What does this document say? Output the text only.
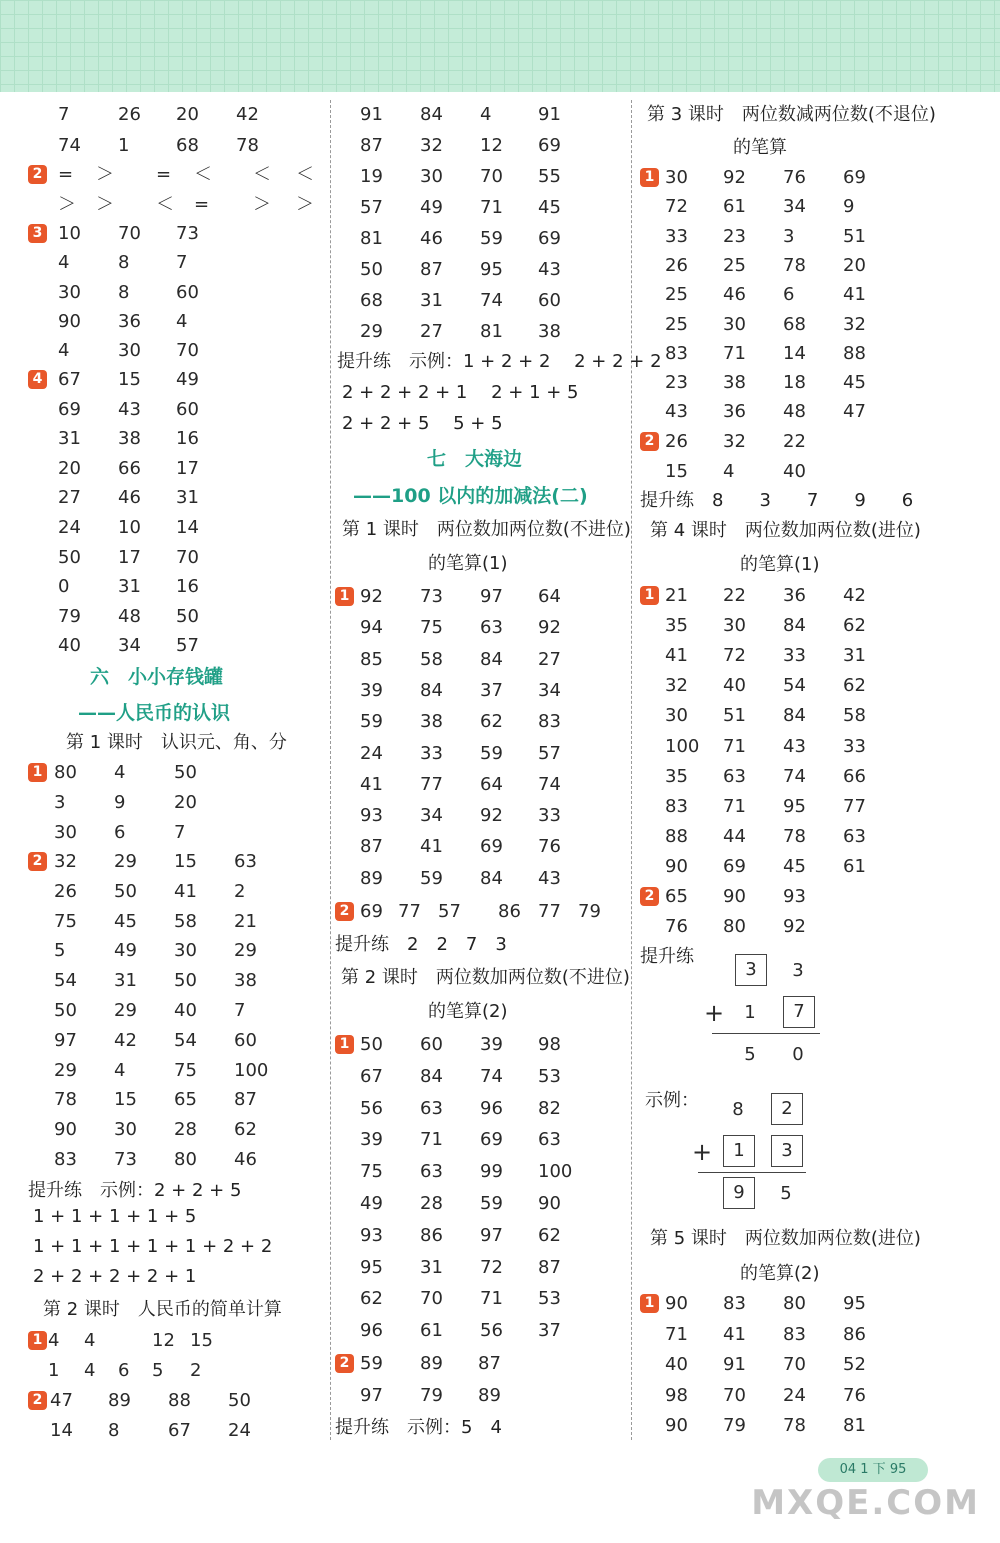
7	26 20 42
74 1	68 78
2 = ＞ = ＜ ＜ ＜
＞ ＞ ＜ = ＞ ＞
3 10 70 73
4	8	7
30 8	60
90 36 4
4	30 70
4 67 15 49
69 43 60
31 38 16
20 66 17
27 46 31
24 10 14
50 17 70
0	31 16
79 48 50
40 34 57
六　小小存钱罐
——人民币的认识
第 1 课时　认识元、角、分
1 80 4	50
3	9	20
30 6	7
2 32 29 15 63
26 50 41 2
75 45 58 21
5	49 30 29
54 31 50 38
50 29 40 7
97 42 54 60
29 4	75 100
78 15 65 87
90 30 28 62
83 73 80 46
提升练　示例：2 + 2 + 5
1 + 1 + 1 + 1 + 5
1 + 1 + 1 + 1 + 1 + 2 + 2
2 + 2 + 2 + 2 + 1
第 2 课时　人民币的简单计算
1 4 4	12 15
1 4 6 5 2
2 47 89 88 50
14 8	67 24
91 84 4	91
87 32 12 69
19 30 70 55
57 49 71 45
81 46 59 69
50 87 95 43
68 31 74 60
29 27 81 38
提升练　示例：1 + 2 + 2　 2 + 2 + 2
2 + 2 + 2 + 1　 2 + 1 + 5
2 + 2 + 5　 5 + 5
七　大海边
——100 以内的加减法(二)
第 1 课时　两位数加两位数(不进位)
的笔算(1)
1 92 73 97 64
94 75 63 92
85 58 84 27
39 84 37 34
59 38 62 83
24 33 59 57
41 77 64 74
93 34 92 33
87 41 69 76
89 59 84 43
2 69 77 57 86 77 79
提升练　2　2　7　3
第 2 课时　两位数加两位数(不进位)
的笔算(2)
1 50 60 39 98
67 84 74 53
56 63 96 82
39 71 69 63
75 63 99 100
49 28 59 90
93 86 97 62
95 31 72 87
62 70 71 53
96 61 56 37
2 59 89 87
97 79 89
提升练　示例：5　4
第 3 课时　两位数减两位数(不退位)
的笔算
1 30 92 76 69
72 61 34 9
33 23 3	51
26 25 78 20
25 46 6	41
25 30 68 32
83 71 14 88
23 38 18 45
43 36 48 47
2 26 32 22
15 4	40
提升练　8　　3　　7　　9　　6
第 4 课时　两位数加两位数(进位)
的笔算(1)
1 21 22 36 42
35 30 84 62
41 72 33 31
32 40 54 62
30 51 84 58
100 71 43 33
35 63 74 66
83 71 95 77
88 44 78 63
90 69 45 61
2 65 90 93
76 80 92
提升练
3	3
1	7
5 0
+
示例： 8	2
1	3
9	5
+
第 5 课时　两位数加两位数(进位)
的笔算(2)
1 90 83 80 95
71 41 83 86
40 91 70 52
98 70 24 76
90 79 78 81
04 1 下 95
MXQE.COM
